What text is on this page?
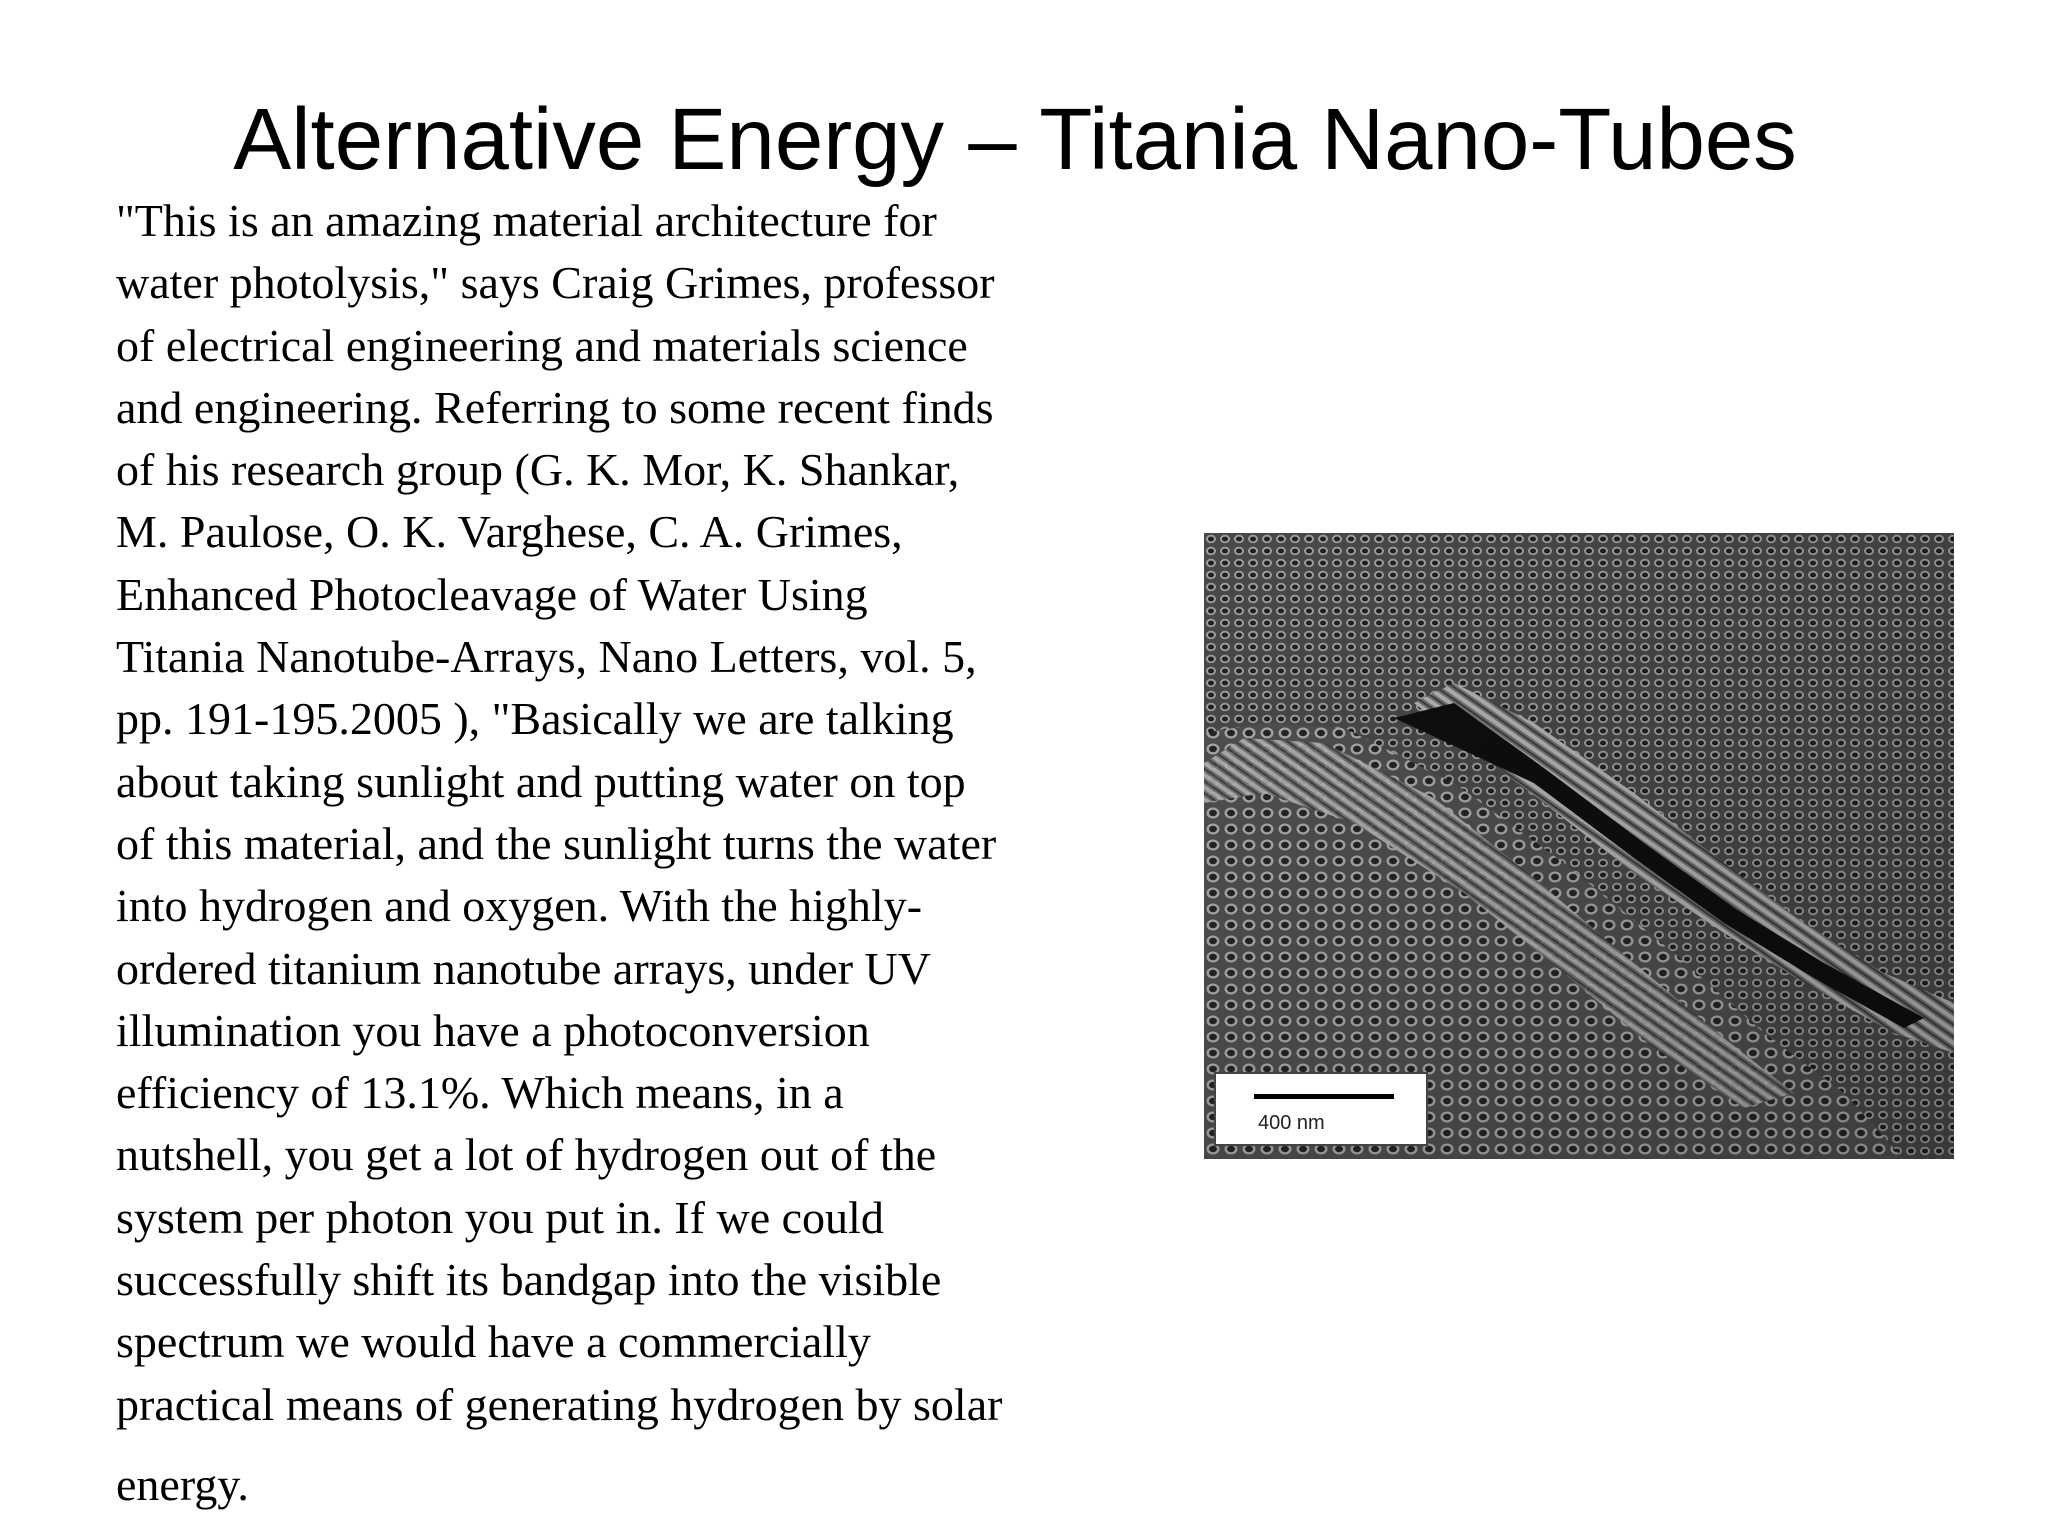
Alternative Energy – Titania Nano-Tubes
"This is an amazing material architecture for
water photolysis," says Craig Grimes, professor
of electrical engineering and materials science
and engineering. Referring to some recent finds
of his research group (G. K. Mor, K. Shankar,
M. Paulose, O. K. Varghese, C. A. Grimes,
Enhanced Photocleavage of Water Using
Titania Nanotube-Arrays, Nano Letters, vol. 5,
pp. 191-195.2005 ), "Basically we are talking
about taking sunlight and putting water on top
of this material, and the sunlight turns the water
into hydrogen and oxygen. With the highly-
ordered titanium nanotube arrays, under UV
illumination you have a photoconversion
efficiency of 13.1%. Which means, in a
nutshell, you get a lot of hydrogen out of the
system per photon you put in. If we could
successfully shift its bandgap into the visible
spectrum we would have a commercially
practical means of generating hydrogen by solar
energy.
400 nm
